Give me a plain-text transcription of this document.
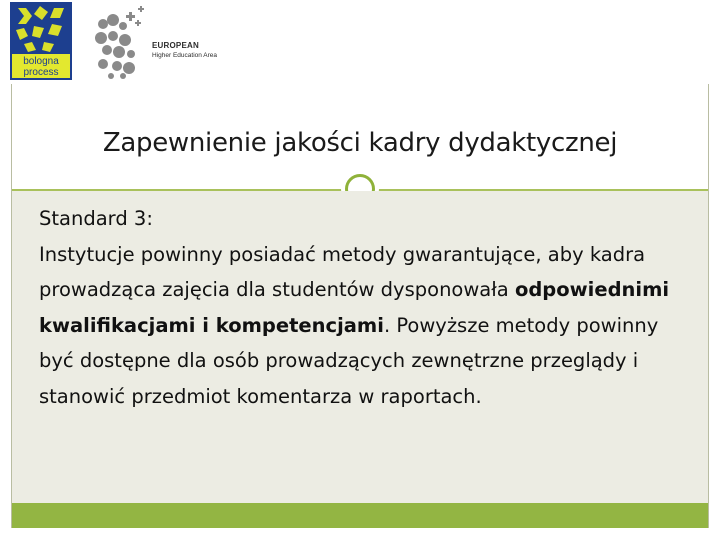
bologna
process
EUROPEAN
Higher Education Area
Zapewnienie jakości kadry dydaktycznej
Standard 3:
Instytucje powinny posiadać metody gwarantujące, aby kadra prowadząca zajęcia dla studentów dysponowała odpowiednimi kwalifikacjami i kompetencjami. Powyższe metody powinny być dostępne dla osób prowadzących zewnętrzne przeglądy i stanowić przedmiot komentarza w raportach.
